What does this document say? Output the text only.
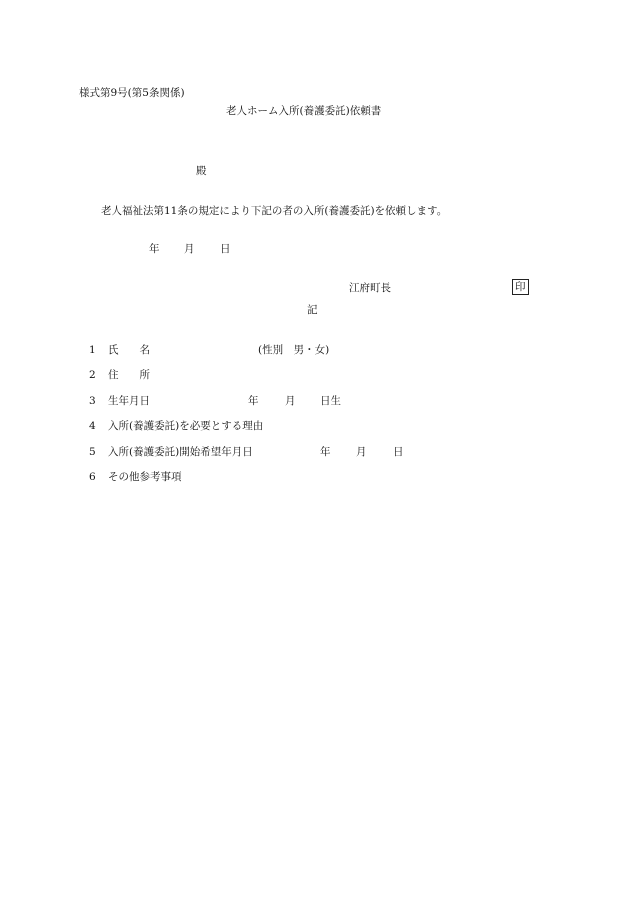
様式第9号(第5条関係)
老人ホーム入所(養護委託)依頼書
殿
老人福祉法第11条の規定により下記の者の入所(養護委託)を依頼します。
年 月 日
江府町長	印
記
1 氏　　名	(性別　男・女)
2 住　　所
3 生年月日	年	月 日生
4 入所(養護委託)を必要とする理由
5 入所(養護委託)開始希望年月日	年 月	日
6 その他参考事項
